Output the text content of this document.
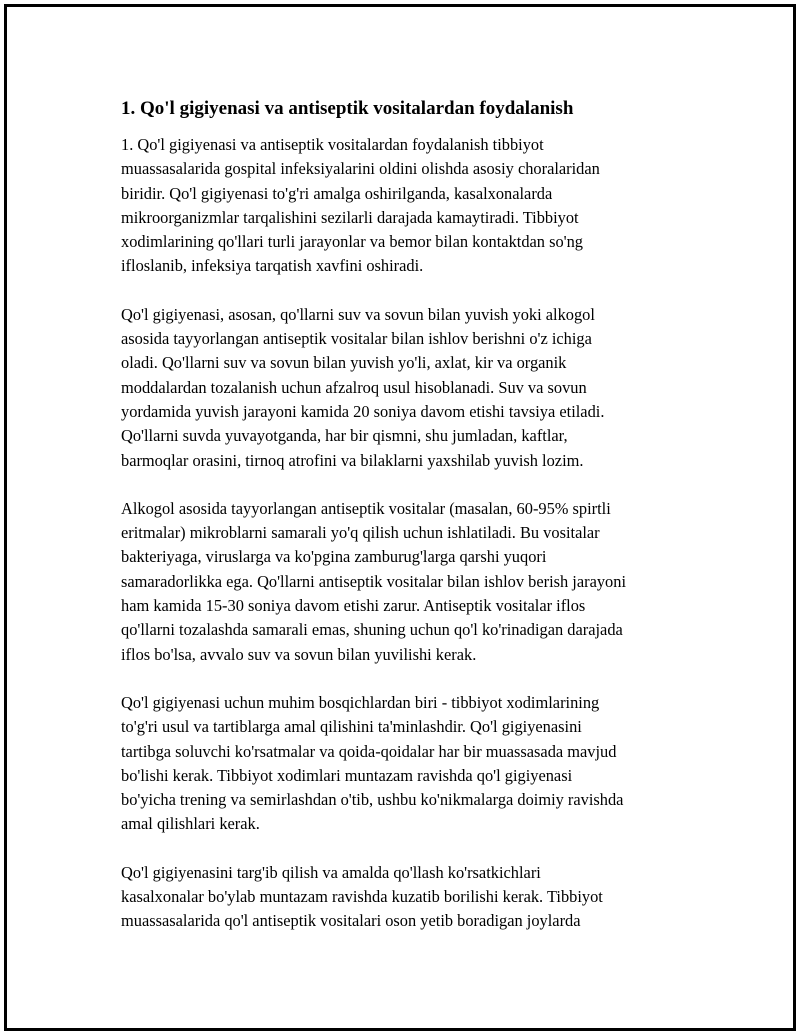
1. Qo'l gigiyenasi va antiseptik vositalardan foydalanish

1. Qo'l gigiyenasi va antiseptik vositalardan foydalanish tibbiyot
muassasalarida gospital infeksiyalarini oldini olishda asosiy choralaridan
biridir. Qo'l gigiyenasi to'g'ri amalga oshirilganda, kasalxonalarda
mikroorganizmlar tarqalishini sezilarli darajada kamaytiradi. Tibbiyot
xodimlarining qo'llari turli jarayonlar va bemor bilan kontaktdan so'ng
ifloslanib, infeksiya tarqatish xavfini oshiradi.

Qo'l gigiyenasi, asosan, qo'llarni suv va sovun bilan yuvish yoki alkogol
asosida tayyorlangan antiseptik vositalar bilan ishlov berishni o'z ichiga
oladi. Qo'llarni suv va sovun bilan yuvish yo'li, axlat, kir va organik
moddalardan tozalanish uchun afzalroq usul hisoblanadi. Suv va sovun
yordamida yuvish jarayoni kamida 20 soniya davom etishi tavsiya etiladi.
Qo'llarni suvda yuvayotganda, har bir qismni, shu jumladan, kaftlar,
barmoqlar orasini, tirnoq atrofini va bilaklarni yaxshilab yuvish lozim.

Alkogol asosida tayyorlangan antiseptik vositalar (masalan, 60-95% spirtli
eritmalar) mikroblarni samarali yo'q qilish uchun ishlatiladi. Bu vositalar
bakteriyaga, viruslarga va ko'pgina zamburug'larga qarshi yuqori
samaradorlikka ega. Qo'llarni antiseptik vositalar bilan ishlov berish jarayoni
ham kamida 15-30 soniya davom etishi zarur. Antiseptik vositalar iflos
qo'llarni tozalashda samarali emas, shuning uchun qo'l ko'rinadigan darajada
iflos bo'lsa, avvalo suv va sovun bilan yuvilishi kerak.

Qo'l gigiyenasi uchun muhim bosqichlardan biri - tibbiyot xodimlarining
to'g'ri usul va tartiblarga amal qilishini ta'minlashdir. Qo'l gigiyenasini
tartibga soluvchi ko'rsatmalar va qoida-qoidalar har bir muassasada mavjud
bo'lishi kerak. Tibbiyot xodimlari muntazam ravishda qo'l gigiyenasi
bo'yicha trening va semirlashdan o'tib, ushbu ko'nikmalarga doimiy ravishda
amal qilishlari kerak.

Qo'l gigiyenasini targ'ib qilish va amalda qo'llash ko'rsatkichlari
kasalxonalar bo'ylab muntazam ravishda kuzatib borilishi kerak. Tibbiyot
muassasalarida qo'l antiseptik vositalari oson yetib boradigan joylarda
